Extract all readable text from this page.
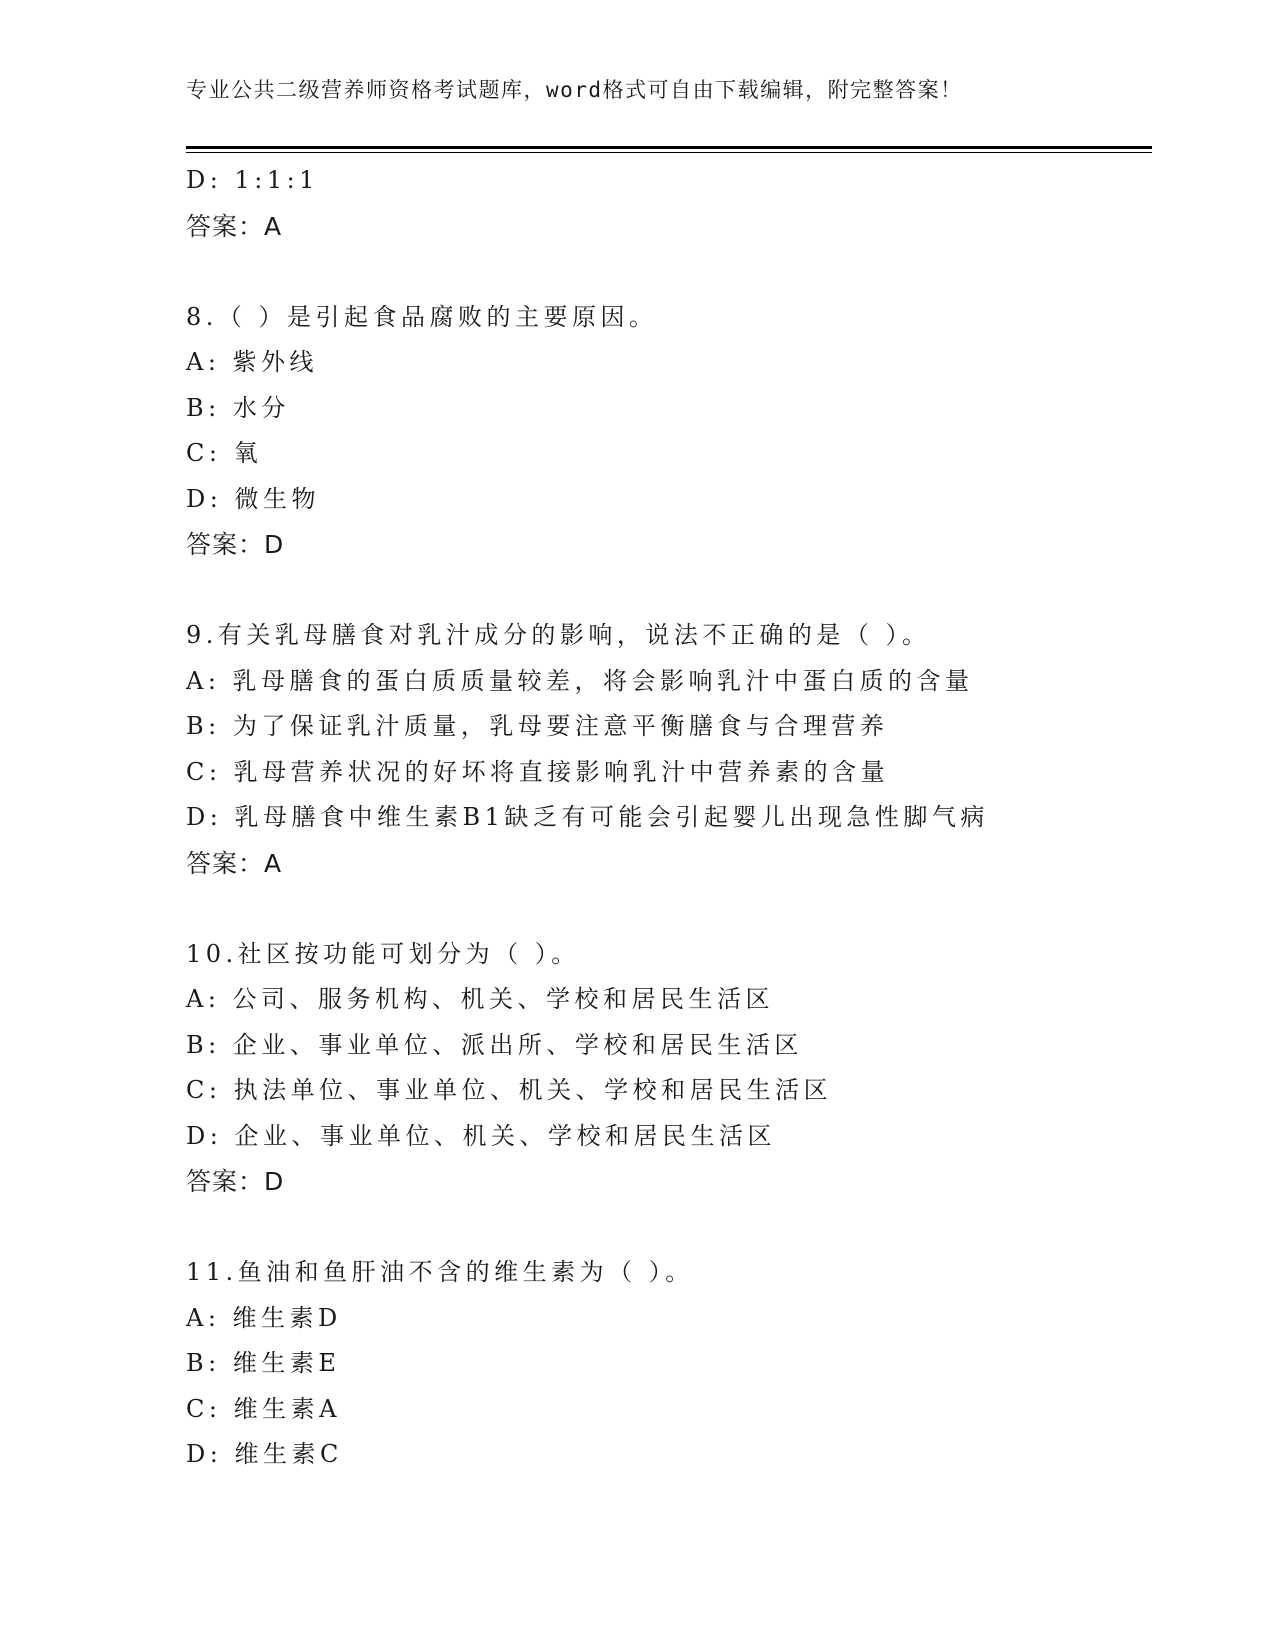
专业公共二级营养师资格考试题库，word格式可自由下载编辑，附完整答案！
D: 1:1:1
答案：A
8.（ ）是引起食品腐败的主要原因。
A: 紫外线
B: 水分
C: 氧
D: 微生物
答案：D
9.有关乳母膳食对乳汁成分的影响，说法不正确的是（ ）。
A: 乳母膳食的蛋白质质量较差，将会影响乳汁中蛋白质的含量
B: 为了保证乳汁质量，乳母要注意平衡膳食与合理营养
C: 乳母营养状况的好坏将直接影响乳汁中营养素的含量
D: 乳母膳食中维生素B1缺乏有可能会引起婴儿出现急性脚气病
答案：A
10.社区按功能可划分为（ ）。
A: 公司、服务机构、机关、学校和居民生活区
B: 企业、事业单位、派出所、学校和居民生活区
C: 执法单位、事业单位、机关、学校和居民生活区
D: 企业、事业单位、机关、学校和居民生活区
答案：D
11.鱼油和鱼肝油不含的维生素为（ ）。
A: 维生素D
B: 维生素E
C: 维生素A
D: 维生素C
